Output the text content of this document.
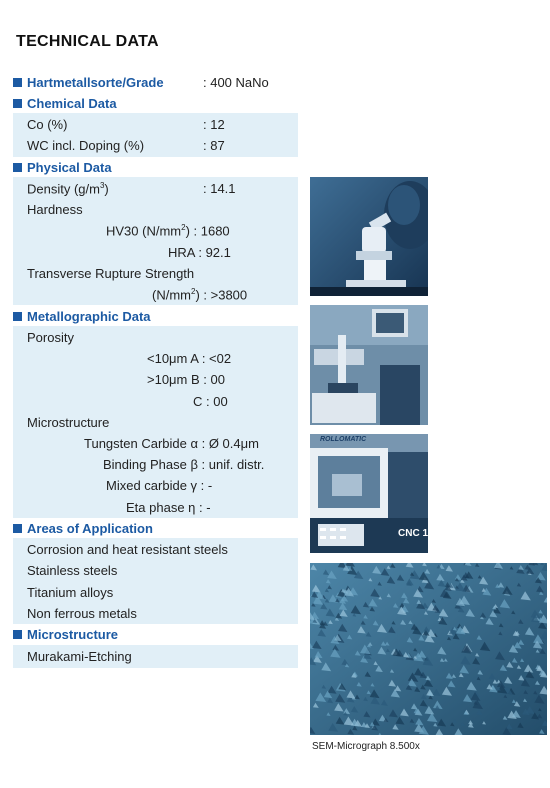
TECHNICAL DATA
Hartmetallsorte/Grade	: 400 NaNo
Chemical Data
Co (%)	: 12
WC incl. Doping (%)	: 87
Physical Data
Density $(g/m^3)$	: 14.1
Hardness
HV30 $(N/mm^2)$ : 1680
HRA : 92.1
Transverse Rupture Strength
$(N/mm^2)$ : >3800
Metallographic Data
Porosity
<10μm A : <02
>10μm B : 00
C : 00
Microstructure
Tungsten Carbide α : Ø 0.4μm
Binding Phase β : unif. distr.
Mixed carbide γ : -
Eta phase η : -
Areas of Application
Corrosion and heat resistant steels
Stainless steels
Titanium alloys
Non ferrous metals
Microstructure
Murakami-Etching
ROLLOMATIC
CNC 1
SEM-Micrograph 8.500x
